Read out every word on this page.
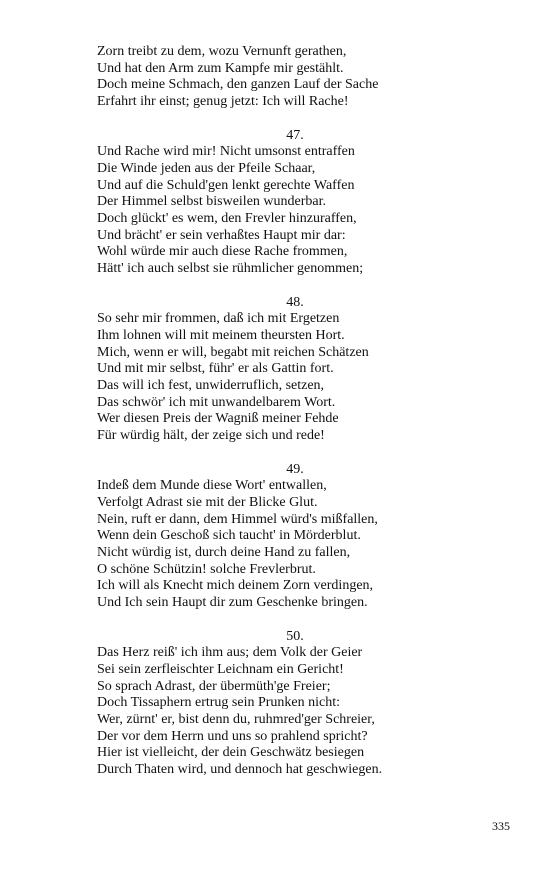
Zorn treibt zu dem, wozu Vernunft gerathen,
Und hat den Arm zum Kampfe mir gestählt.
Doch meine Schmach, den ganzen Lauf der Sache
Erfahrt ihr einst; genug jetzt: Ich will Rache!
47.
Und Rache wird mir! Nicht umsonst entraffen
Die Winde jeden aus der Pfeile Schaar,
Und auf die Schuld'gen lenkt gerechte Waffen
Der Himmel selbst bisweilen wunderbar.
Doch glückt' es wem, den Frevler hinzuraffen,
Und brächt' er sein verhaßtes Haupt mir dar:
Wohl würde mir auch diese Rache frommen,
Hätt' ich auch selbst sie rühmlicher genommen;
48.
So sehr mir frommen, daß ich mit Ergetzen
Ihm lohnen will mit meinem theursten Hort.
Mich, wenn er will, begabt mit reichen Schätzen
Und mit mir selbst, führ' er als Gattin fort.
Das will ich fest, unwiderruflich, setzen,
Das schwör' ich mit unwandelbarem Wort.
Wer diesen Preis der Wagniß meiner Fehde
Für würdig hält, der zeige sich und rede!
49.
Indeß dem Munde diese Wort' entwallen,
Verfolgt Adrast sie mit der Blicke Glut.
Nein, ruft er dann, dem Himmel würd's mißfallen,
Wenn dein Geschoß sich taucht' in Mörderblut.
Nicht würdig ist, durch deine Hand zu fallen,
O schöne Schützin! solche Frevlerbrut.
Ich will als Knecht mich deinem Zorn verdingen,
Und Ich sein Haupt dir zum Geschenke bringen.
50.
Das Herz reiß' ich ihm aus; dem Volk der Geier
Sei sein zerfleischter Leichnam ein Gericht!
So sprach Adrast, der übermüth'ge Freier;
Doch Tissaphern ertrug sein Prunken nicht:
Wer, zürnt' er, bist denn du, ruhmred'ger Schreier,
Der vor dem Herrn und uns so prahlend spricht?
Hier ist vielleicht, der dein Geschwätz besiegen
Durch Thaten wird, und dennoch hat geschwiegen.
335
